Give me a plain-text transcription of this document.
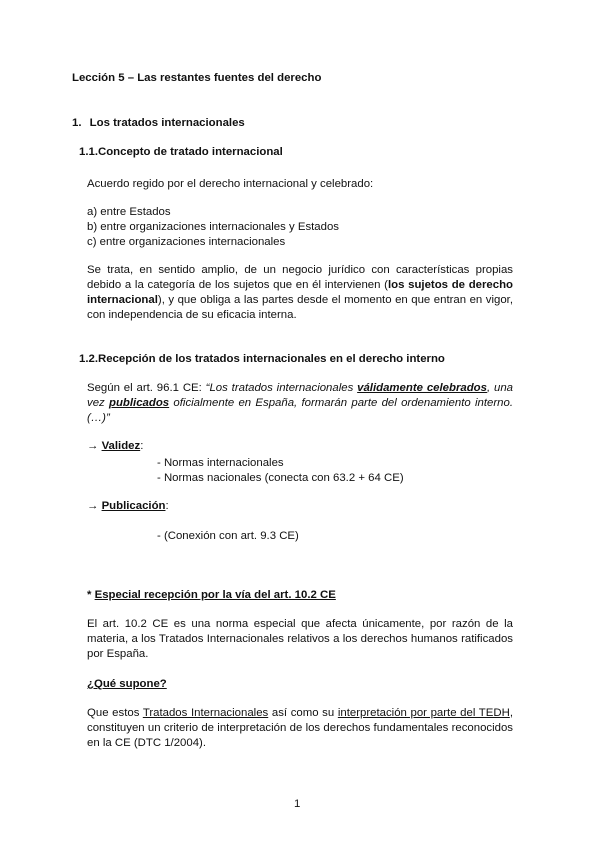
Lección 5 – Las restantes fuentes del derecho
1. Los tratados internacionales
1.1.Concepto de tratado internacional
Acuerdo regido por el derecho internacional y celebrado:
a) entre Estados
b) entre organizaciones internacionales y Estados
c) entre organizaciones internacionales
Se trata, en sentido amplio, de un negocio jurídico con características propias debido a la categoría de los sujetos que en él intervienen (los sujetos de derecho internacional), y que obliga a las partes desde el momento en que entran en vigor, con independencia de su eficacia interna.
1.2.Recepción de los tratados internacionales en el derecho interno
Según el art. 96.1 CE: “Los tratados internacionales válidamente celebrados, una vez publicados oficialmente en España, formarán parte del ordenamiento interno. (…)”
→ Validez:
- Normas internacionales
- Normas nacionales (conecta con 63.2 + 64 CE)
→ Publicación:
- (Conexión con art. 9.3 CE)
* Especial recepción por la vía del art. 10.2 CE
El art. 10.2 CE es una norma especial que afecta únicamente, por razón de la materia, a los Tratados Internacionales relativos a los derechos humanos ratificados por España.
¿Qué supone?
Que estos Tratados Internacionales así como su interpretación por parte del TEDH, constituyen un criterio de interpretación de los derechos fundamentales reconocidos en la CE (DTC 1/2004).
1
